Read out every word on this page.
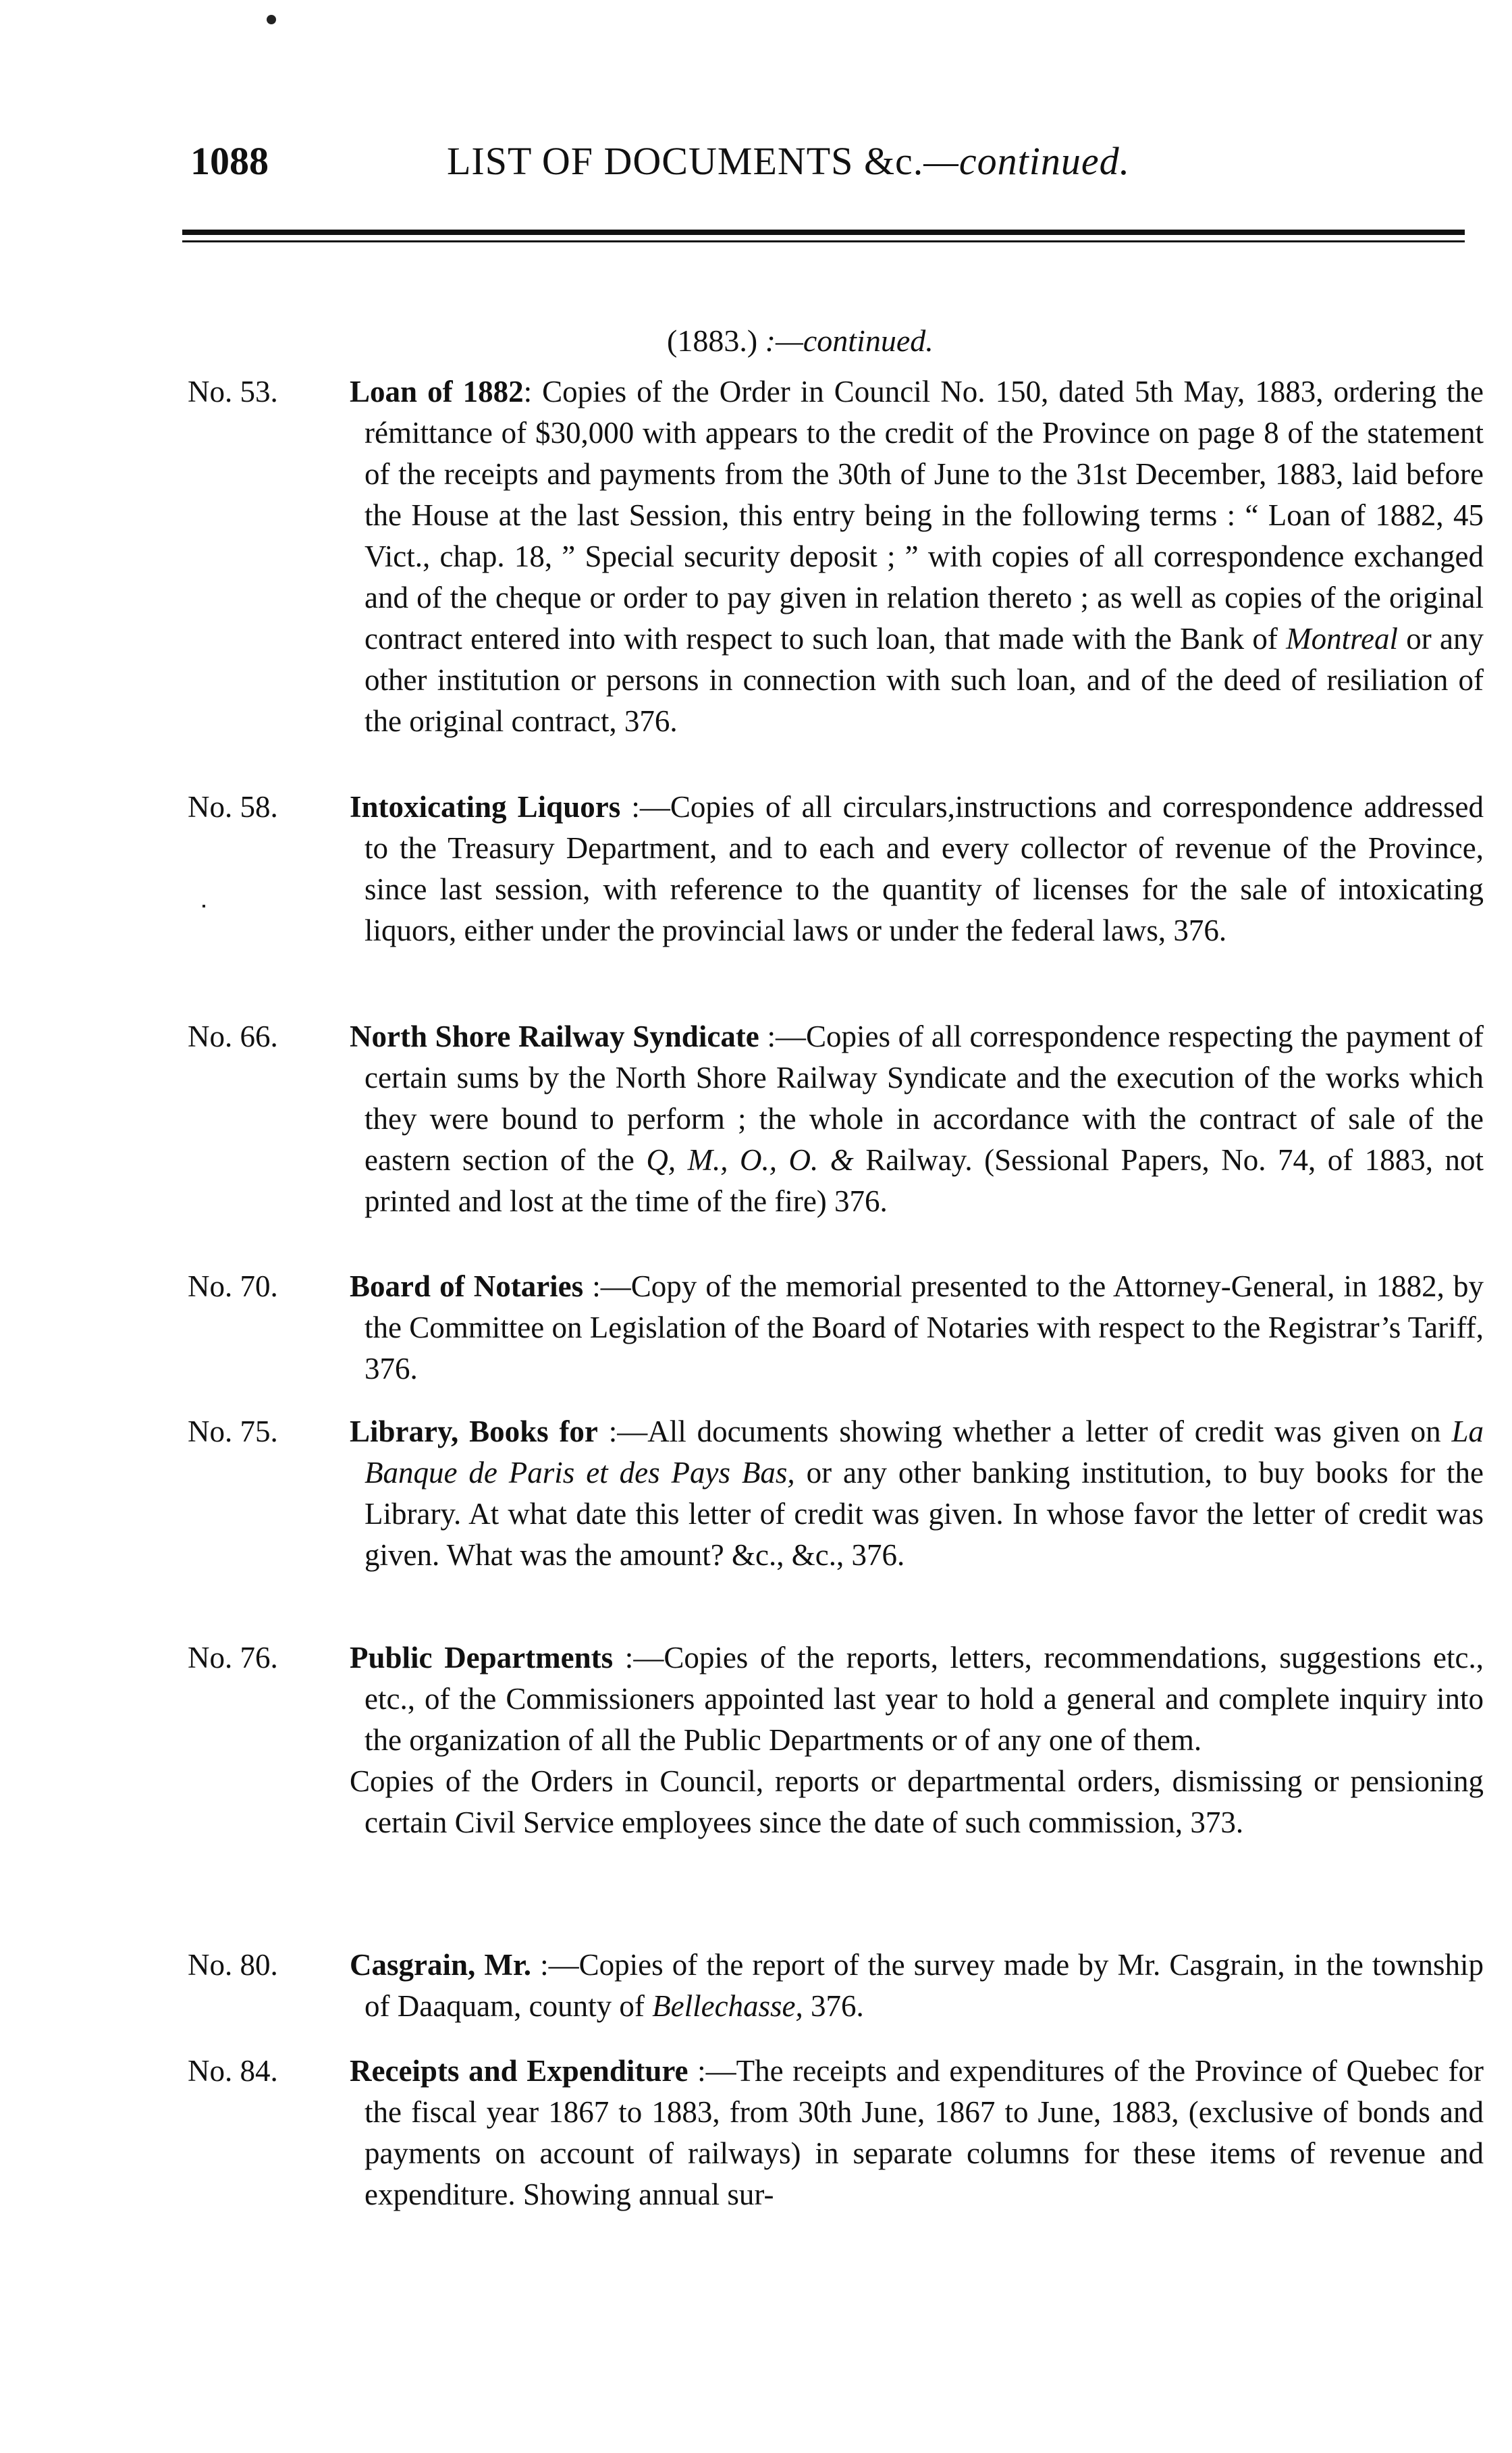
1088	LIST OF DOCUMENTS &c.—continued.
(1883.) :—continued.
No. 53.	Loan of 1882: Copies of the Order in Council No. 150, dated 5th May, 1883, ordering the rémittance of $30,000 with appears to the credit of the Province on page 8 of the statement of the receipts and payments from the 30th of June to the 31st December, 1883, laid before the House at the last Session, this entry being in the following terms : “ Loan of 1882, 45 Vict., chap. 18, ” Special security deposit ; ” with copies of all correspondence exchanged and of the cheque or order to pay given in relation thereto ; as well as copies of the original contract entered into with respect to such loan, that made with the Bank of Montreal or any other institution or persons in connection with such loan, and of the deed of resiliation of the original contract, 376.
No. 58.	Intoxicating Liquors :—Copies of all circulars,instructions and correspondence addressed to the Treasury Department, and to each and every collector of revenue of the Province, since last session, with reference to the quantity of licenses for the sale of intoxicating liquors, either under the provincial laws or under the federal laws, 376.
No. 66.	North Shore Railway Syndicate :—Copies of all correspondence respecting the payment of certain sums by the North Shore Railway Syndicate and the execution of the works which they were bound to perform ; the whole in accordance with the contract of sale of the eastern section of the Q, M., O., O. & Railway. (Sessional Papers, No. 74, of 1883, not printed and lost at the time of the fire) 376.
No. 70.	Board of Notaries :—Copy of the memorial presented to the Attorney-General, in 1882, by the Committee on Legislation of the Board of Notaries with respect to the Registrar’s Tariff, 376.
No. 75.	Library, Books for :—All documents showing whether a letter of credit was given on La Banque de Paris et des Pays Bas, or any other banking institution, to buy books for the Library. At what date this letter of credit was given. In whose favor the letter of credit was given. What was the amount? &c., &c., 376.
No. 76.	Public Departments :—Copies of the reports, letters, recommendations, suggestions etc., etc., of the Commissioners appointed last year to hold a general and complete inquiry into the organization of all the Public Departments or of any one of them.
Copies of the Orders in Council, reports or departmental orders, dismissing or pensioning certain Civil Service employees since the date of such commission, 373.
No. 80.	Casgrain, Mr. :—Copies of the report of the survey made by Mr. Casgrain, in the township of Daaquam, county of Bellechasse, 376.
No. 84.	Receipts and Expenditure :—The receipts and expenditures of the Province of Quebec for the fiscal year 1867 to 1883, from 30th June, 1867 to June, 1883, (exclusive of bonds and payments on account of railways) in separate columns for these items of revenue and expenditure. Showing annual sur-
